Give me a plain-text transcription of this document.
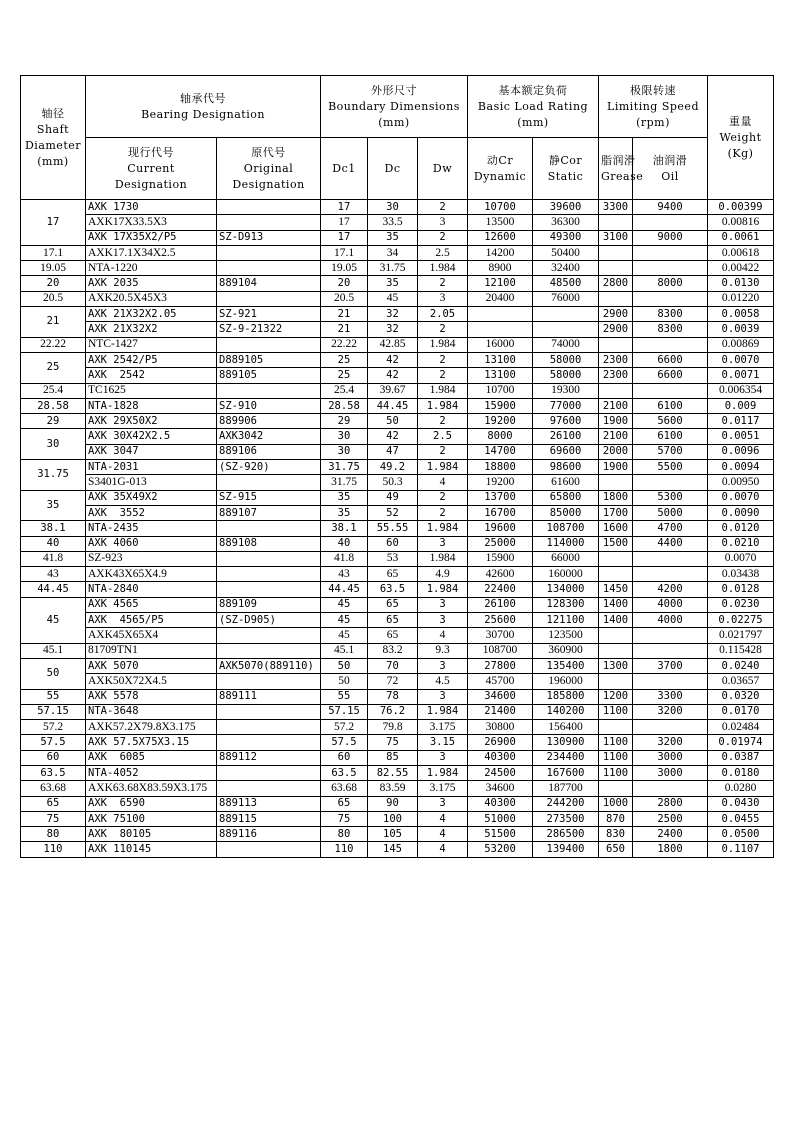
轴径
Shaft
Diameter
(mm)	轴承代号
Bearing Designation		外形尺寸
Boundary Dimensions
(mm)			基本额定负荷
Basic Load Rating
(mm)		极限转速
Limiting Speed
(rpm)		重量
Weight
(Kg)

	现行代号
Current
Designation	原代号
Original
Designation	Dc1	Dc	Dw	动Cr
Dynamic	静Cor
Static	脂润滑
Grease	油润滑
Oil	

17	AXK 1730		17	30	2	10700	39600	3300	9400	0.00399
	AXK17X33.5X3		17	33.5	3	13500	36300			0.00816
	AXK 17X35X2/P5	SZ-D913	17	35	2	12600	49300	3100	9000	0.0061
17.1	AXK17.1X34X2.5		17.1	34	2.5	14200	50400			0.00618
19.05	NTA-1220		19.05	31.75	1.984	8900	32400			0.00422
20	AXK 2035	889104	20	35	2	12100	48500	2800	8000	0.0130
20.5	AXK20.5X45X3		20.5	45	3	20400	76000			0.01220
21	AXK 21X32X2.05	SZ-921	21	32	2.05			2900	8300	0.0058
	AXK 21X32X2	SZ-9-21322	21	32	2			2900	8300	0.0039
22.22	NTC-1427		22.22	42.85	1.984	16000	74000			0.00869
25	AXK 2542/P5	D889105	25	42	2	13100	58000	2300	6600	0.0070
	AXK  2542	889105	25	42	2	13100	58000	2300	6600	0.0071
25.4	TC1625		25.4	39.67	1.984	10700	19300			0.006354
28.58	NTA-1828	SZ-910	28.58	44.45	1.984	15900	77000	2100	6100	0.009
29	AXK 29X50X2	889906	29	50	2	19200	97600	1900	5600	0.0117
30	AXK 30X42X2.5	AXK3042	30	42	2.5	8000	26100	2100	6100	0.0051
	AXK 3047	889106	30	47	2	14700	69600	2000	5700	0.0096
31.75	NTA-2031	(SZ-920)	31.75	49.2	1.984	18800	98600	1900	5500	0.0094
	S3401G-013		31.75	50.3	4	19200	61600			0.00950
35	AXK 35X49X2	SZ-915	35	49	2	13700	65800	1800	5300	0.0070
	AXK  3552	889107	35	52	2	16700	85000	1700	5000	0.0090
38.1	NTA-2435		38.1	55.55	1.984	19600	108700	1600	4700	0.0120
40	AXK 4060	889108	40	60	3	25000	114000	1500	4400	0.0210
41.8	SZ-923		41.8	53	1.984	15900	66000			0.0070
43	AXK43X65X4.9		43	65	4.9	42600	160000			0.03438
44.45	NTA-2840		44.45	63.5	1.984	22400	134000	1450	4200	0.0128
45	AXK 4565	889109	45	65	3	26100	128300	1400	4000	0.0230
	AXK  4565/P5	(SZ-D905)	45	65	3	25600	121100	1400	4000	0.02275
	AXK45X65X4		45	65	4	30700	123500			0.021797
45.1	81709TN1		45.1	83.2	9.3	108700	360900			0.115428
50	AXK 5070	AXK5070(889110)	50	70	3	27800	135400	1300	3700	0.0240
	AXK50X72X4.5		50	72	4.5	45700	196000			0.03657
55	AXK 5578	889111	55	78	3	34600	185800	1200	3300	0.0320
57.15	NTA-3648		57.15	76.2	1.984	21400	140200	1100	3200	0.0170
57.2	AXK57.2X79.8X3.175		57.2	79.8	3.175	30800	156400			0.02484
57.5	AXK 57.5X75X3.15		57.5	75	3.15	26900	130900	1100	3200	0.01974
60	AXK  6085	889112	60	85	3	40300	234400	1100	3000	0.0387
63.5	NTA-4052		63.5	82.55	1.984	24500	167600	1100	3000	0.0180
63.68	AXK63.68X83.59X3.175		63.68	83.59	3.175	34600	187700			0.0280
65	AXK  6590	889113	65	90	3	40300	244200	1000	2800	0.0430
75	AXK 75100	889115	75	100	4	51000	273500	870	2500	0.0455
80	AXK  80105	889116	80	105	4	51500	286500	830	2400	0.0500
110	AXK 110145		110	145	4	53200	139400	650	1800	0.1107
